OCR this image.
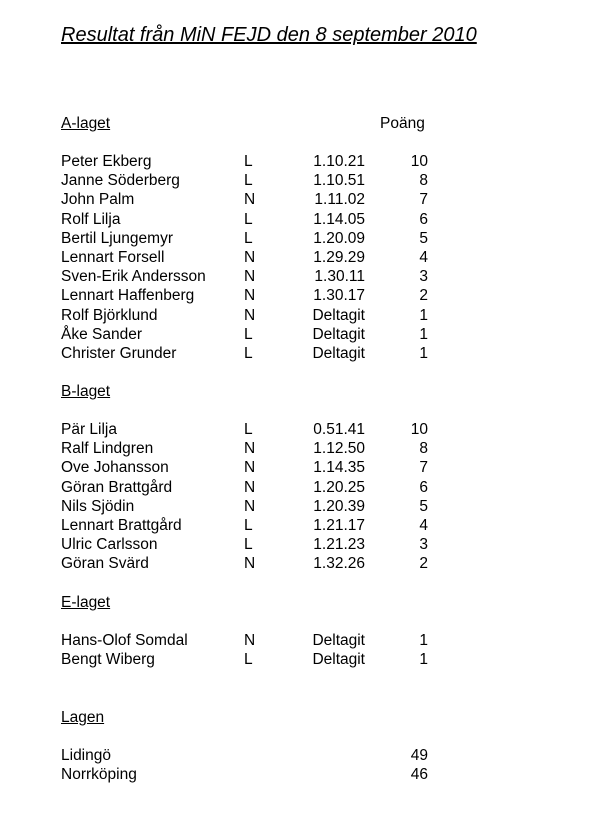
Resultat från MiN FEJD den 8 september 2010
Poäng
A-laget
Peter Ekberg	L	1.10.21	10
Janne Söderberg	L	1.10.51	8
John Palm	N	1.11.02	7
Rolf Lilja	L	1.14.05	6
Bertil Ljungemyr	L	1.20.09	5
Lennart Forsell	N	1.29.29	4
Sven-Erik Andersson N	1.30.11	3
Lennart Haffenberg	N	1.30.17	2
Rolf Björklund	N	Deltagit	1
Åke Sander	L	Deltagit	1
Christer Grunder	L	Deltagit	1
B-laget
Pär Lilja	L	0.51.41	10
Ralf Lindgren	N	1.12.50	8
Ove Johansson	N	1.14.35	7
Göran Brattgård	N	1.20.25	6
Nils Sjödin	N	1.20.39	5
Lennart Brattgård	L	1.21.17	4
Ulric Carlsson	L	1.21.23	3
Göran Svärd	N	1.32.26	2
E-laget
Hans-Olof Somdal	N	Deltagit	1
Bengt Wiberg	L	Deltagit	1
Lagen
Lidingö	49
Norrköping	46
